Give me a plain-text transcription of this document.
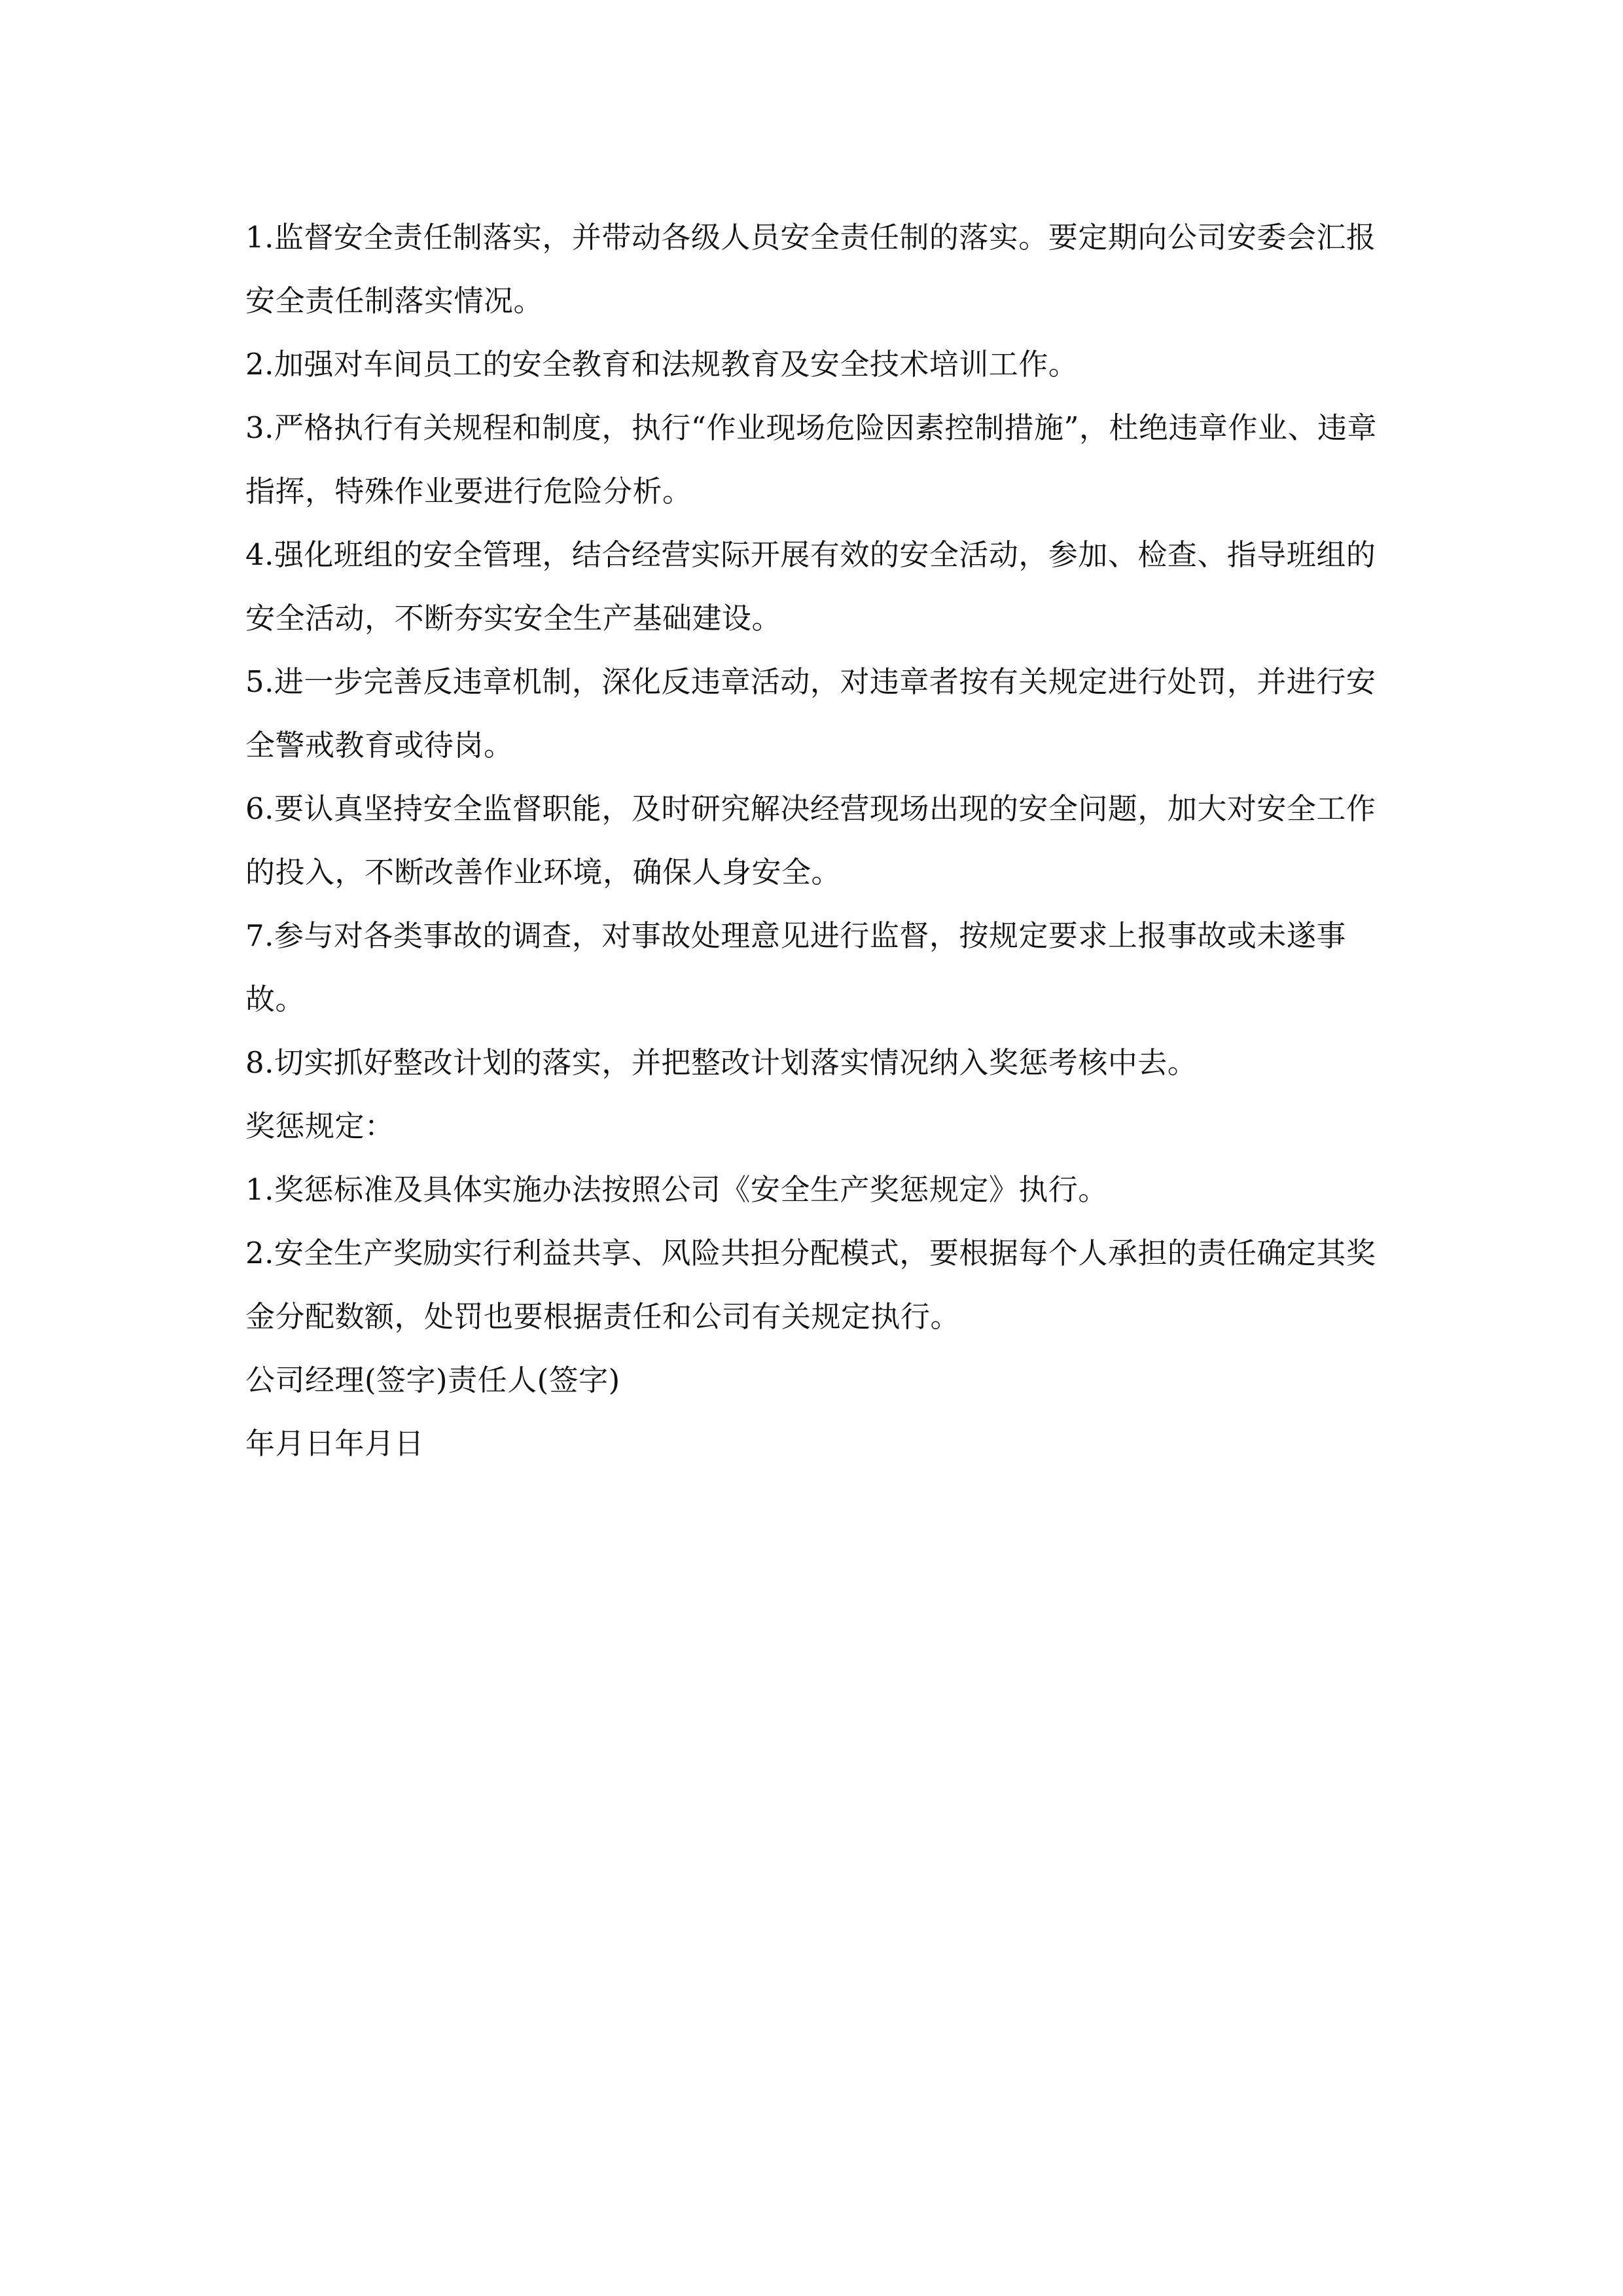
1.监督安全责任制落实，并带动各级人员安全责任制的落实。要定期向公司安委会汇报安全责任制落实情况。

2.加强对车间员工的安全教育和法规教育及安全技术培训工作。

3.严格执行有关规程和制度，执行“作业现场危险因素控制措施”，杜绝违章作业、违章指挥，特殊作业要进行危险分析。

4.强化班组的安全管理，结合经营实际开展有效的安全活动，参加、检查、指导班组的安全活动，不断夯实安全生产基础建设。

5.进一步完善反违章机制，深化反违章活动，对违章者按有关规定进行处罚，并进行安全警戒教育或待岗。

6.要认真坚持安全监督职能，及时研究解决经营现场出现的安全问题，加大对安全工作的投入，不断改善作业环境，确保人身安全。

7.参与对各类事故的调查，对事故处理意见进行监督，按规定要求上报事故或未遂事故。

8.切实抓好整改计划的落实，并把整改计划落实情况纳入奖惩考核中去。

奖惩规定：

1.奖惩标准及具体实施办法按照公司《安全生产奖惩规定》执行。

2.安全生产奖励实行利益共享、风险共担分配模式，要根据每个人承担的责任确定其奖金分配数额，处罚也要根据责任和公司有关规定执行。

公司经理(签字)责任人(签字)

年月日年月日
